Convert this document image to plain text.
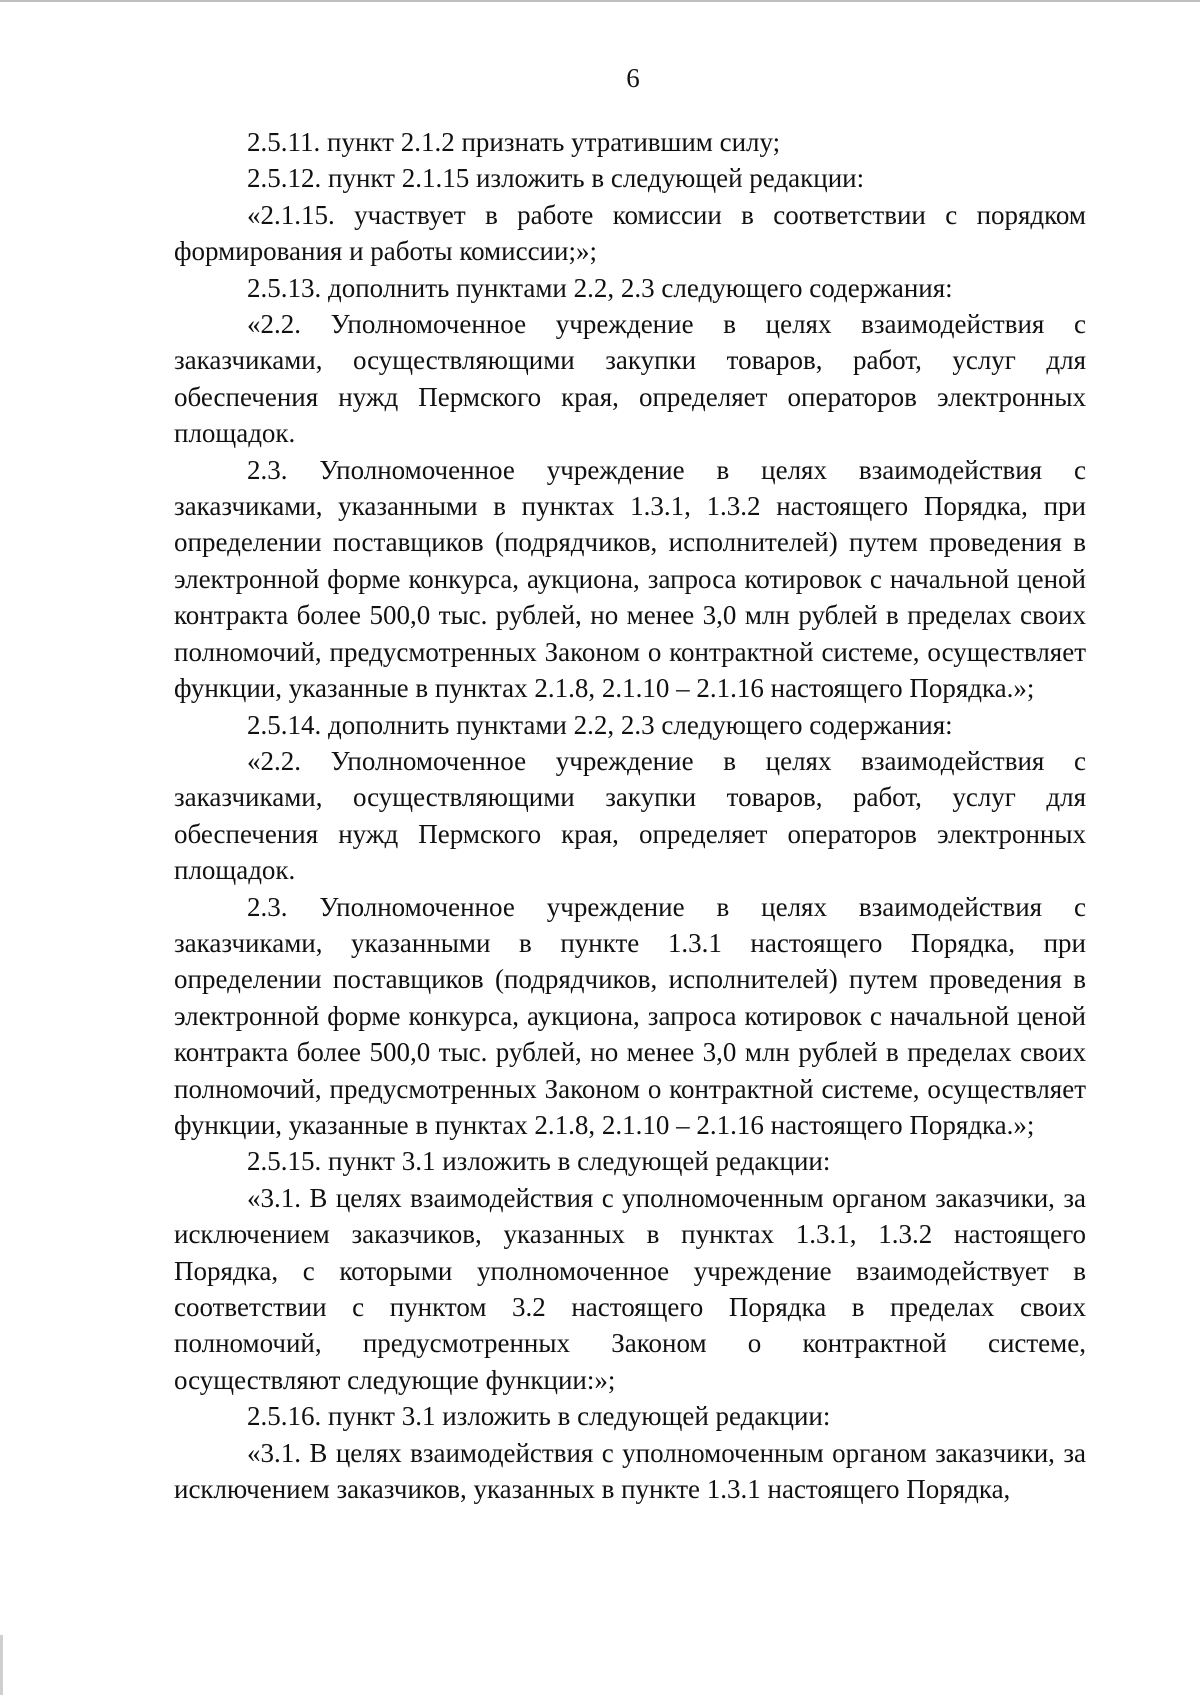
6

2.5.11. пункт 2.1.2 признать утратившим силу;

2.5.12. пункт 2.1.15 изложить в следующей редакции:

«2.1.15. участвует в работе комиссии в соответствии с порядком формирования и работы комиссии;»;

2.5.13. дополнить пунктами 2.2, 2.3 следующего содержания:

«2.2. Уполномоченное учреждение в целях взаимодействия с заказчиками, осуществляющими закупки товаров, работ, услуг для обеспечения нужд Пермского края, определяет операторов электронных площадок.

2.3. Уполномоченное учреждение в целях взаимодействия с заказчиками, указанными в пунктах 1.3.1, 1.3.2 настоящего Порядка, при определении поставщиков (подрядчиков, исполнителей) путем проведения в электронной форме конкурса, аукциона, запроса котировок с начальной ценой контракта более 500,0 тыс. рублей, но менее 3,0 млн рублей в пределах своих полномочий, предусмотренных Законом о контрактной системе, осуществляет функции, указанные в пунктах 2.1.8, 2.1.10 – 2.1.16 настоящего Порядка.»;

2.5.14. дополнить пунктами 2.2, 2.3 следующего содержания:

«2.2. Уполномоченное учреждение в целях взаимодействия с заказчиками, осуществляющими закупки товаров, работ, услуг для обеспечения нужд Пермского края, определяет операторов электронных площадок.

2.3. Уполномоченное учреждение в целях взаимодействия с заказчиками, указанными в пункте 1.3.1 настоящего Порядка, при определении поставщиков (подрядчиков, исполнителей) путем проведения в электронной форме конкурса, аукциона, запроса котировок с начальной ценой контракта более 500,0 тыс. рублей, но менее 3,0 млн рублей в пределах своих полномочий, предусмотренных Законом о контрактной системе, осуществляет функции, указанные в пунктах 2.1.8, 2.1.10 – 2.1.16 настоящего Порядка.»;

2.5.15. пункт 3.1 изложить в следующей редакции:

«3.1. В целях взаимодействия с уполномоченным органом заказчики, за исключением заказчиков, указанных в пунктах 1.3.1, 1.3.2 настоящего Порядка, с которыми уполномоченное учреждение взаимодействует в соответствии с пунктом 3.2 настоящего Порядка в пределах своих полномочий, предусмотренных Законом о контрактной системе, осуществляют следующие функции:»;

2.5.16. пункт 3.1 изложить в следующей редакции:

«3.1. В целях взаимодействия с уполномоченным органом заказчики, за исключением заказчиков, указанных в пункте 1.3.1 настоящего Порядка,
